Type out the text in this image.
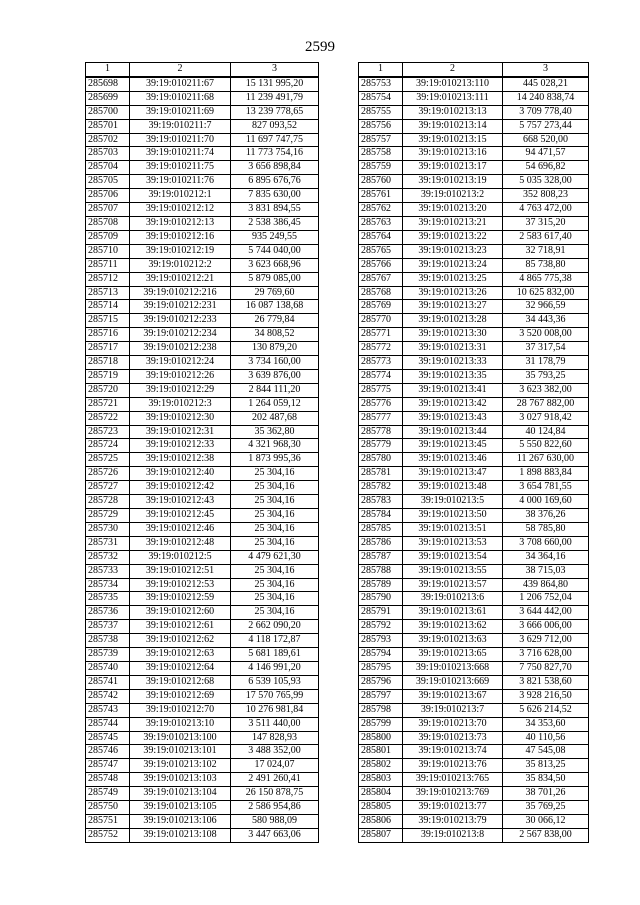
2599
1	2	3
285698	39:19:010211:67	15 131 995,20
285699	39:19:010211:68	11 239 491,79
285700	39:19:010211:69	13 239 778,65
285701	39:19:010211:7	827 093,52
285702	39:19:010211:70	11 697 747,75
285703	39:19:010211:74	11 773 754,16
285704	39:19:010211:75	3 656 898,84
285705	39:19:010211:76	6 895 676,76
285706	39:19:010212:1	7 835 630,00
285707	39:19:010212:12	3 831 894,55
285708	39:19:010212:13	2 538 386,45
285709	39:19:010212:16	935 249,55
285710	39:19:010212:19	5 744 040,00
285711	39:19:010212:2	3 623 668,96
285712	39:19:010212:21	5 879 085,00
285713	39:19:010212:216	29 769,60
285714	39:19:010212:231	16 087 138,68
285715	39:19:010212:233	26 779,84
285716	39:19:010212:234	34 808,52
285717	39:19:010212:238	130 879,20
285718	39:19:010212:24	3 734 160,00
285719	39:19:010212:26	3 639 876,00
285720	39:19:010212:29	2 844 111,20
285721	39:19:010212:3	1 264 059,12
285722	39:19:010212:30	202 487,68
285723	39:19:010212:31	35 362,80
285724	39:19:010212:33	4 321 968,30
285725	39:19:010212:38	1 873 995,36
285726	39:19:010212:40	25 304,16
285727	39:19:010212:42	25 304,16
285728	39:19:010212:43	25 304,16
285729	39:19:010212:45	25 304,16
285730	39:19:010212:46	25 304,16
285731	39:19:010212:48	25 304,16
285732	39:19:010212:5	4 479 621,30
285733	39:19:010212:51	25 304,16
285734	39:19:010212:53	25 304,16
285735	39:19:010212:59	25 304,16
285736	39:19:010212:60	25 304,16
285737	39:19:010212:61	2 662 090,20
285738	39:19:010212:62	4 118 172,87
285739	39:19:010212:63	5 681 189,61
285740	39:19:010212:64	4 146 991,20
285741	39:19:010212:68	6 539 105,93
285742	39:19:010212:69	17 570 765,99
285743	39:19:010212:70	10 276 981,84
285744	39:19:010213:10	3 511 440,00
285745	39:19:010213:100	147 828,93
285746	39:19:010213:101	3 488 352,00
285747	39:19:010213:102	17 024,07
285748	39:19:010213:103	2 491 260,41
285749	39:19:010213:104	26 150 878,75
285750	39:19:010213:105	2 586 954,86
285751	39:19:010213:106	580 988,09
285752	39:19:010213:108	3 447 663,06
1	2	3
285753	39:19:010213:110	445 028,21
285754	39:19:010213:111	14 240 838,74
285755	39:19:010213:13	3 709 778,40
285756	39:19:010213:14	5 757 273,44
285757	39:19:010213:15	668 520,00
285758	39:19:010213:16	94 471,57
285759	39:19:010213:17	54 696,82
285760	39:19:010213:19	5 035 328,00
285761	39:19:010213:2	352 808,23
285762	39:19:010213:20	4 763 472,00
285763	39:19:010213:21	37 315,20
285764	39:19:010213:22	2 583 617,40
285765	39:19:010213:23	32 718,91
285766	39:19:010213:24	85 738,80
285767	39:19:010213:25	4 865 775,38
285768	39:19:010213:26	10 625 832,00
285769	39:19:010213:27	32 966,59
285770	39:19:010213:28	34 443,36
285771	39:19:010213:30	3 520 008,00
285772	39:19:010213:31	37 317,54
285773	39:19:010213:33	31 178,79
285774	39:19:010213:35	35 793,25
285775	39:19:010213:41	3 623 382,00
285776	39:19:010213:42	28 767 882,00
285777	39:19:010213:43	3 027 918,42
285778	39:19:010213:44	40 124,84
285779	39:19:010213:45	5 550 822,60
285780	39:19:010213:46	11 267 630,00
285781	39:19:010213:47	1 898 883,84
285782	39:19:010213:48	3 654 781,55
285783	39:19:010213:5	4 000 169,60
285784	39:19:010213:50	38 376,26
285785	39:19:010213:51	58 785,80
285786	39:19:010213:53	3 708 660,00
285787	39:19:010213:54	34 364,16
285788	39:19:010213:55	38 715,03
285789	39:19:010213:57	439 864,80
285790	39:19:010213:6	1 206 752,04
285791	39:19:010213:61	3 644 442,00
285792	39:19:010213:62	3 666 006,00
285793	39:19:010213:63	3 629 712,00
285794	39:19:010213:65	3 716 628,00
285795	39:19:010213:668	7 750 827,70
285796	39:19:010213:669	3 821 538,60
285797	39:19:010213:67	3 928 216,50
285798	39:19:010213:7	5 626 214,52
285799	39:19:010213:70	34 353,60
285800	39:19:010213:73	40 110,56
285801	39:19:010213:74	47 545,08
285802	39:19:010213:76	35 813,25
285803	39:19:010213:765	35 834,50
285804	39:19:010213:769	38 701,26
285805	39:19:010213:77	35 769,25
285806	39:19:010213:79	30 066,12
285807	39:19:010213:8	2 567 838,00
